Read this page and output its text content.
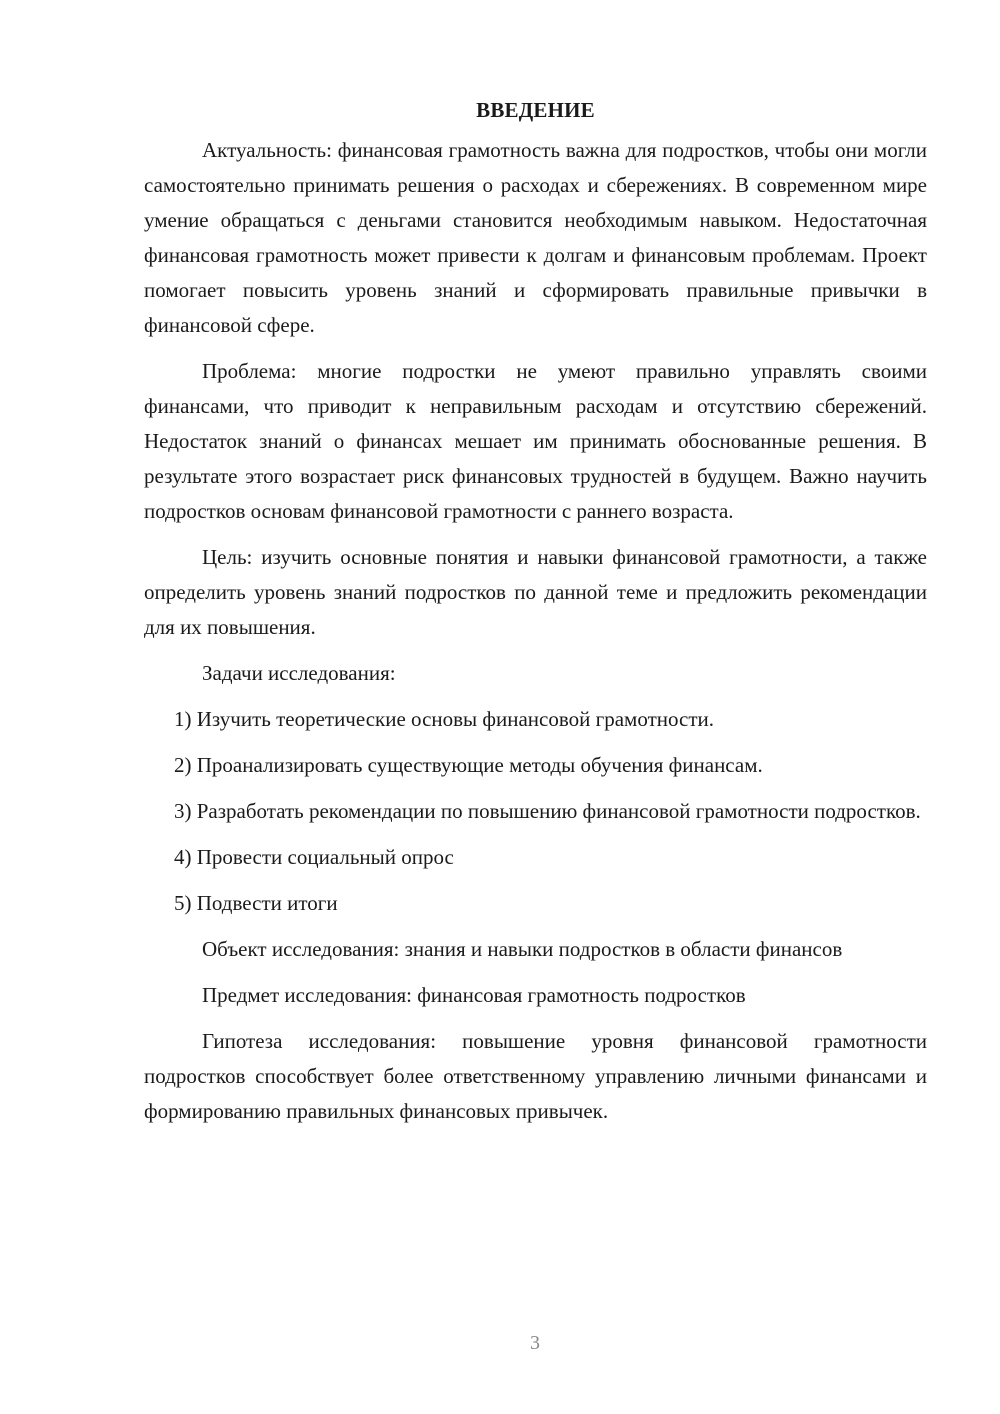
ВВЕДЕНИЕ

Актуальность: финансовая грамотность важна для подростков, чтобы они могли самостоятельно принимать решения о расходах и сбережениях. В современном мире умение обращаться с деньгами становится необходимым навыком. Недостаточная финансовая грамотность может привести к долгам и финансовым проблемам. Проект помогает повысить уровень знаний и сформировать правильные привычки в финансовой сфере.

Проблема: многие подростки не умеют правильно управлять своими финансами, что приводит к неправильным расходам и отсутствию сбережений. Недостаток знаний о финансах мешает им принимать обоснованные решения. В результате этого возрастает риск финансовых трудностей в будущем. Важно научить подростков основам финансовой грамотности с раннего возраста.

Цель: изучить основные понятия и навыки финансовой грамотности, а также определить уровень знаний подростков по данной теме и предложить рекомендации для их повышения.

Задачи исследования:

1) Изучить теоретические основы финансовой грамотности.

2) Проанализировать существующие методы обучения финансам.

3) Разработать рекомендации по повышению финансовой грамотности подростков.

4) Провести социальный опрос

5) Подвести итоги

Объект исследования: знания и навыки подростков в области финансов

Предмет исследования: финансовая грамотность подростков

Гипотеза исследования: повышение уровня финансовой грамотности подростков способствует более ответственному управлению личными финансами и формированию правильных финансовых привычек.

3
